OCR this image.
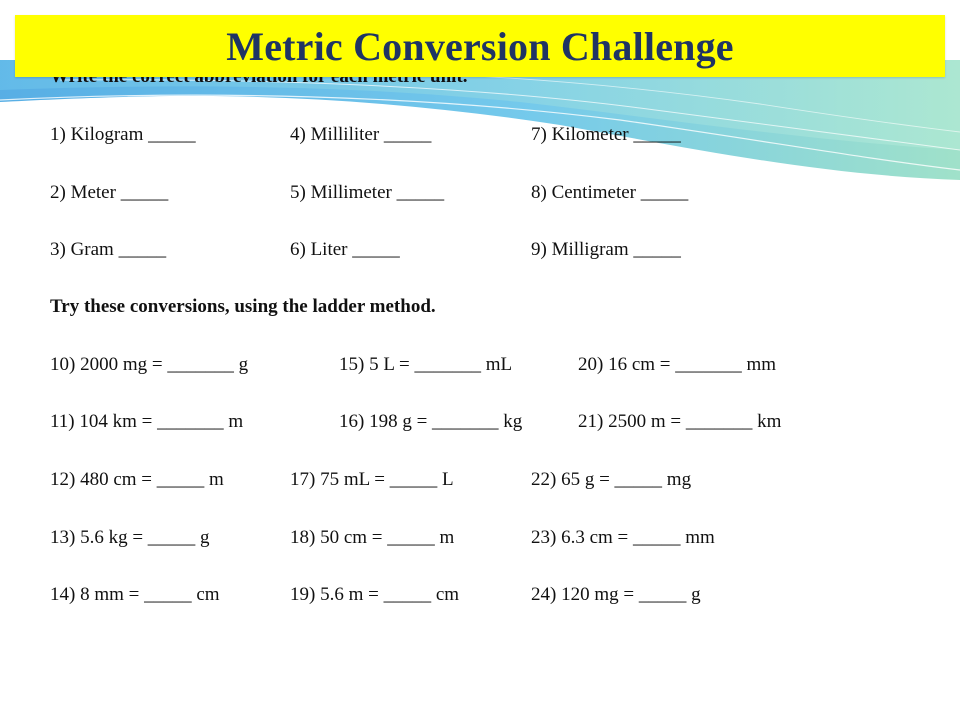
Metric Conversion Challenge
1) Kilogram _____	4) Milliliter _____	7) Kilometer _____
2) Meter _____	5) Millimeter _____	8) Centimeter _____
3) Gram _____	6) Liter _____	9) Milligram _____
Try these conversions, using the ladder method.
10) 2000 mg = _______ g	15) 5 L = _______ mL	20) 16 cm = _______ mm
11) 104 km = _______ m	16) 198 g = _______ kg	21) 2500 m = _______ km
12) 480 cm = _____ m	17) 75 mL = _____ L	22) 65 g = _____ mg
13) 5.6 kg = _____ g	18) 50 cm = _____ m	23) 6.3 cm = _____ mm
14) 8 mm = _____ cm	19) 5.6 m = _____ cm	24) 120 mg = _____ g
